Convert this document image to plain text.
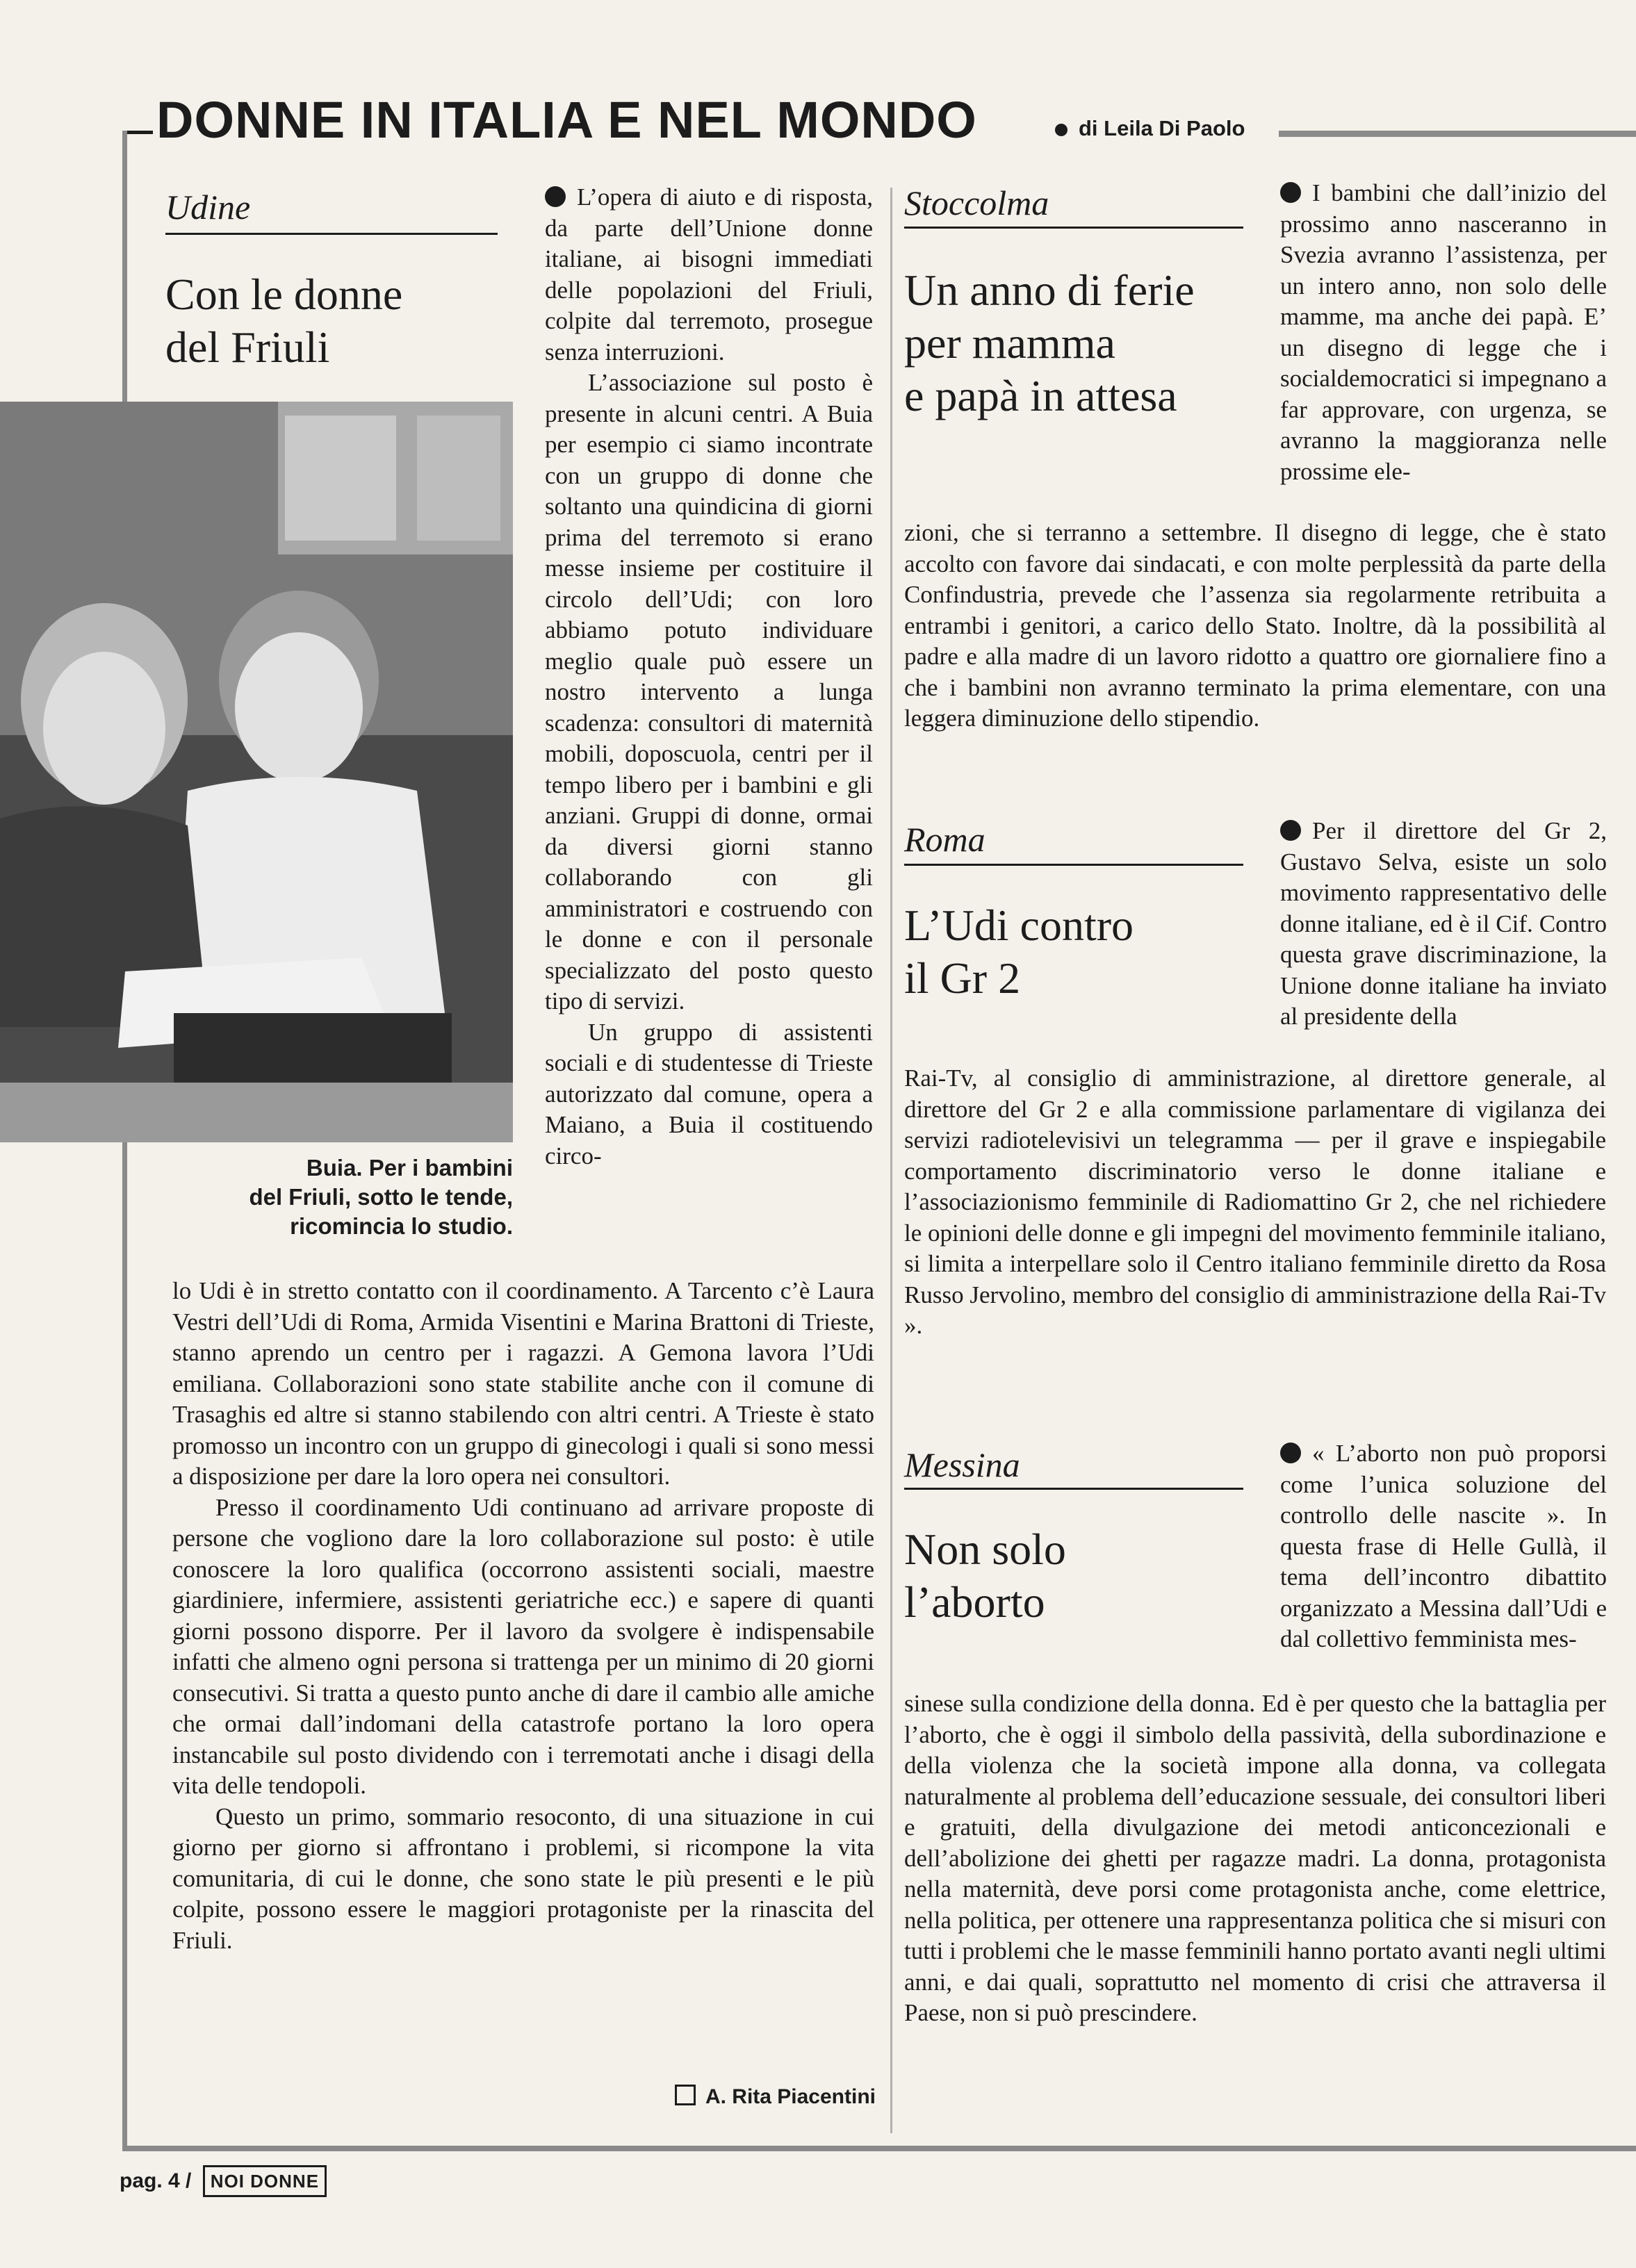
DONNE IN ITALIA E NEL MONDO	di Leila Di Paolo
Udine
Con le donne
del Friuli
Buia. Per i bambini
del Friuli, sotto le tende,
ricomincia lo studio.

L’opera di aiuto e di risposta, da parte dell’Unione donne italiane, ai bisogni immediati delle popolazioni del Friuli, colpite dal terremoto, prosegue senza interruzioni.

L’associazione sul posto è presente in alcuni centri. A Buia per esempio ci siamo incontrate con un gruppo di donne che soltanto una quindicina di giorni prima del terremoto si erano messe insieme per costituire il circolo dell’Udi; con loro abbiamo potuto individuare meglio quale può essere un nostro intervento a lunga scadenza: consultori di maternità mobili, doposcuola, centri per il tempo libero per i bambini e gli anziani. Gruppi di donne, ormai da diversi giorni stanno collaborando con gli amministratori e costruendo con le donne e con il personale specializzato del posto questo tipo di servizi.

Un gruppo di assistenti sociali e di studentesse di Trieste autorizzato dal comune, opera a Maiano, a Buia il costituendo circo-

lo Udi è in stretto contatto con il coordinamento. A Tarcento c’è Laura Vestri dell’Udi di Roma, Armida Visentini e Marina Brattoni di Trieste, stanno aprendo un centro per i ragazzi. A Gemona lavora l’Udi emiliana. Collaborazioni sono state stabilite anche con il comune di Trasaghis ed altre si stanno stabilendo con altri centri. A Trieste è stato promosso un incontro con un gruppo di ginecologi i quali si sono messi a disposizione per dare la loro opera nei consultori.

Presso il coordinamento Udi continuano ad arrivare proposte di persone che vogliono dare la loro collaborazione sul posto: è utile conoscere la loro qualifica (occorrono assistenti sociali, maestre giardiniere, infermiere, assistenti geriatriche ecc.) e sapere di quanti giorni possono disporre. Per il lavoro da svolgere è indispensabile infatti che almeno ogni persona si trattenga per un minimo di 20 giorni consecutivi. Si tratta a questo punto anche di dare il cambio alle amiche che ormai dall’indomani della catastrofe portano la loro opera instancabile sul posto dividendo con i terremotati anche i disagi della vita delle tendopoli.

Questo un primo, sommario resoconto, di una situazione in cui giorno per giorno si affrontano i problemi, si ricompone la vita comunitaria, di cui le donne, che sono state le più presenti e le più colpite, possono essere le maggiori protagoniste per la rinascita del Friuli.

A. Rita Piacentini
Stoccolma
Un anno di ferie
per mamma
e papà in attesa

I bambini che dall’inizio del prossimo anno nasceranno in Svezia avranno l’assistenza, per un intero anno, non solo delle mamme, ma anche dei papà. E’ un disegno di legge che i socialdemocratici si impegnano a far approvare, con urgenza, se avranno la maggioranza nelle prossime ele-

zioni, che si terranno a settembre. Il disegno di legge, che è stato accolto con favore dai sindacati, e con molte perplessità da parte della Confindustria, prevede che l’assenza sia regolarmente retribuita a entrambi i genitori, a carico dello Stato. Inoltre, dà la possibilità al padre e alla madre di un lavoro ridotto a quattro ore giornaliere fino a che i bambini non avranno terminato la prima elementare, con una leggera diminuzione dello stipendio.

Roma
L’Udi contro
il Gr 2

Per il direttore del Gr 2, Gustavo Selva, esiste un solo movimento rappresentativo delle donne italiane, ed è il Cif. Contro questa grave discriminazione, la Unione donne italiane ha inviato al presidente della

Rai-Tv, al consiglio di amministrazione, al direttore generale, al direttore del Gr 2 e alla commissione parlamentare di vigilanza dei servizi radiotelevisivi un telegramma — per il grave e inspiegabile comportamento discriminatorio verso le donne italiane e l’associazionismo femminile di Radiomattino Gr 2, che nel richiedere le opinioni delle donne e gli impegni del movimento femminile italiano, si limita a interpellare solo il Centro italiano femminile diretto da Rosa Russo Jervolino, membro del consiglio di amministrazione della Rai-Tv ».

Messina
Non solo
l’aborto

« L’aborto non può proporsi come l’unica soluzione del controllo delle nascite ». In questa frase di Helle Gullà, il tema dell’incontro dibattito organizzato a Messina dall’Udi e dal collettivo femminista mes-

sinese sulla condizione della donna. Ed è per questo che la battaglia per l’aborto, che è oggi il simbolo della passività, della subordinazione e della violenza che la società impone alla donna, va collegata naturalmente al problema dell’educazione sessuale, dei consultori liberi e gratuiti, della divulgazione dei metodi anticoncezionali e dell’abolizione dei ghetti per ragazze madri. La donna, protagonista nella maternità, deve porsi come protagonista anche, come elettrice, nella politica, per ottenere una rappresentanza politica che si misuri con tutti i problemi che le masse femminili hanno portato avanti negli ultimi anni, e dai quali, soprattutto nel momento di crisi che attraversa il Paese, non si può prescindere.

pag. 4 / NOI DONNE
